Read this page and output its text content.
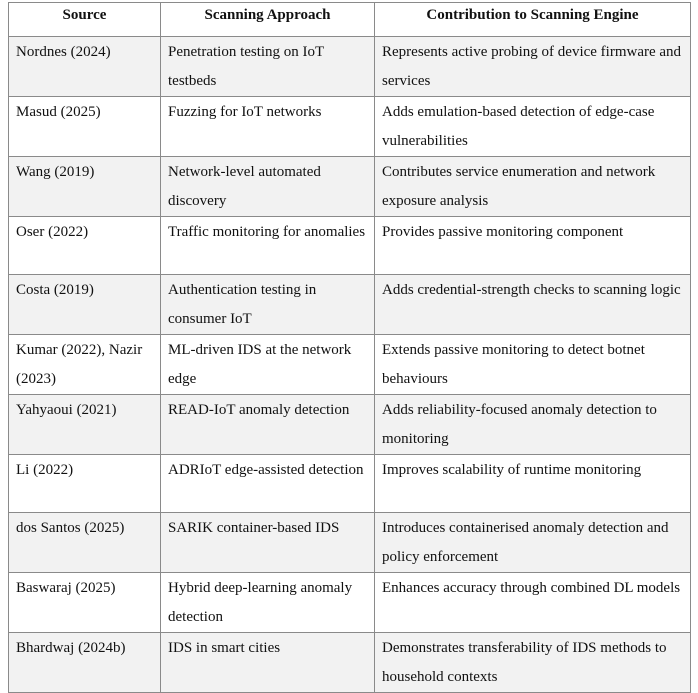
Source	Scanning Approach	Contribution to Scanning Engine
Nordnes (2024)	Penetration testing on IoT testbeds	Represents active probing of device firmware and services
Masud (2025)	Fuzzing for IoT networks	Adds emulation-based detection of edge-case vulnerabilities
Wang (2019)	Network-level automated discovery	Contributes service enumeration and network exposure analysis
Oser (2022)	Traffic monitoring for anomalies	Provides passive monitoring component
Costa (2019)	Authentication testing in consumer IoT	Adds credential-strength checks to scanning logic
Kumar (2022), Nazir (2023)	ML-driven IDS at the network edge	Extends passive monitoring to detect botnet behaviours
Yahyaoui (2021)	READ-IoT anomaly detection	Adds reliability-focused anomaly detection to monitoring
Li (2022)	ADRIoT edge-assisted detection	Improves scalability of runtime monitoring
dos Santos (2025)	SARIK container-based IDS	Introduces containerised anomaly detection and policy enforcement
Baswaraj (2025)	Hybrid deep-learning anomaly detection	Enhances accuracy through combined DL models
Bhardwaj (2024b)	IDS in smart cities	Demonstrates transferability of IDS methods to household contexts
